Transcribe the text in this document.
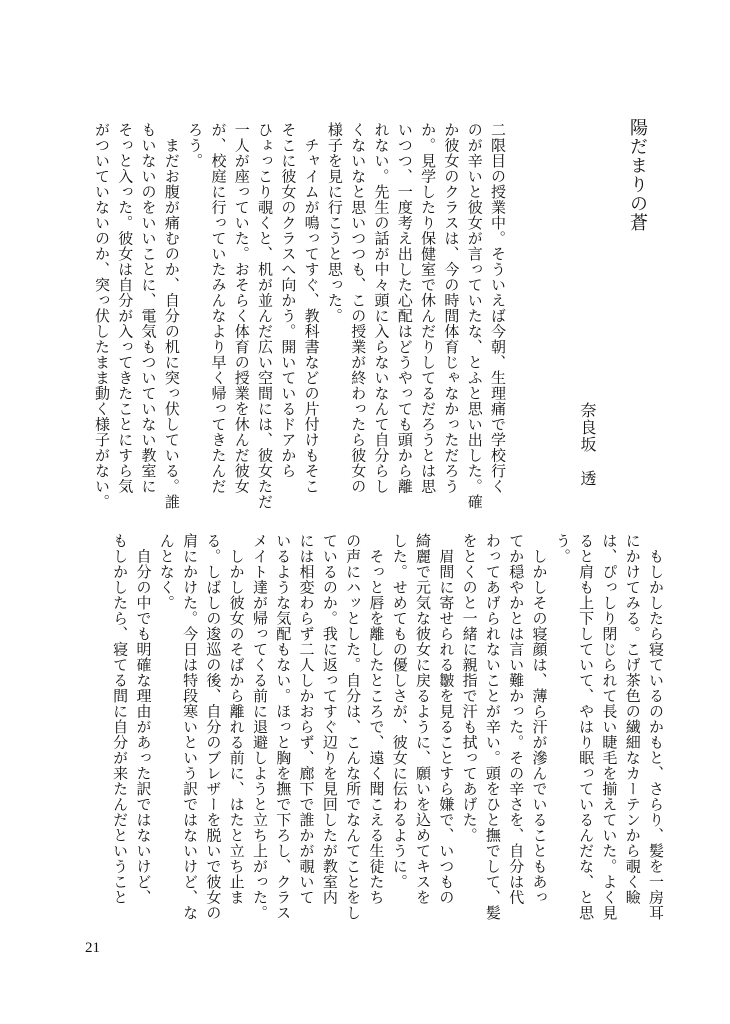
陽だまりの蒼
奈良坂　透
二限目の授業中。そういえば今朝、生理痛で学校行く
のが辛いと彼女が言っていたな、とふと思い出した。確
か彼女のクラスは、今の時間体育じゃなかっただろう
か。見学したり保健室で休んだりしてるだろうとは思
いつつ、一度考え出した心配はどうやっても頭から離
れない。先生の話が中々頭に入らないなんて自分らし
くないなと思いつつも、この授業が終わったら彼女の
様子を見に行こうと思った。
　チャイムが鳴ってすぐ、教科書などの片付けもそこ
そこに彼女のクラスへ向かう。開いているドアから
ひょっこり覗くと、机が並んだ広い空間には、彼女ただ
一人が座っていた。おそらく体育の授業を休んだ彼女
が、校庭に行っていたみんなより早く帰ってきたんだ
ろう。
　まだお腹が痛むのか、自分の机に突っ伏している。誰
もいないのをいいことに、電気もついていない教室に
そっと入った。彼女は自分が入ってきたことにすら気
がついていないのか、突っ伏したまま動く様子がない。
　もしかしたら寝ているのかもと、さらり、髪を一房耳
にかけてみる。こげ茶色の繊細なカーテンから覗く瞼
は、ぴっしり閉じられて長い睫毛を揃えていた。よく見
ると肩も上下していて、やはり眠っているんだな、と思
う。
　しかしその寝顔は、薄ら汗が滲んでいることもあっ
てか穏やかとは言い難かった。その辛さを、自分は代
わってあげられないことが辛い。頭をひと撫でして、髪
をとくのと一緒に親指で汗も拭ってあげた。
　眉間に寄せられる皺を見ることすら嫌で、いつもの
綺麗で元気な彼女に戻るように、願いを込めてキスを
した。せめてもの優しさが、彼女に伝わるように。
　そっと唇を離したところで、遠く聞こえる生徒たち
の声にハッとした。自分は、こんな所でなんてことをし
ているのか。我に返ってすぐ辺りを見回したが教室内
には相変わらず二人しかおらず、廊下で誰かが覗いて
いるような気配もない。ほっと胸を撫で下ろし、クラス
メイト達が帰ってくる前に退避しようと立ち上がった。
　しかし彼女のそばから離れる前に、はたと立ち止ま
る。しばしの逡巡の後、自分のブレザーを脱いで彼女の
肩にかけた。今日は特段寒いという訳ではないけど、な
んとなく。
　自分の中でも明確な理由があった訳ではないけど、
もしかしたら、寝てる間に自分が来たんだということ
21
